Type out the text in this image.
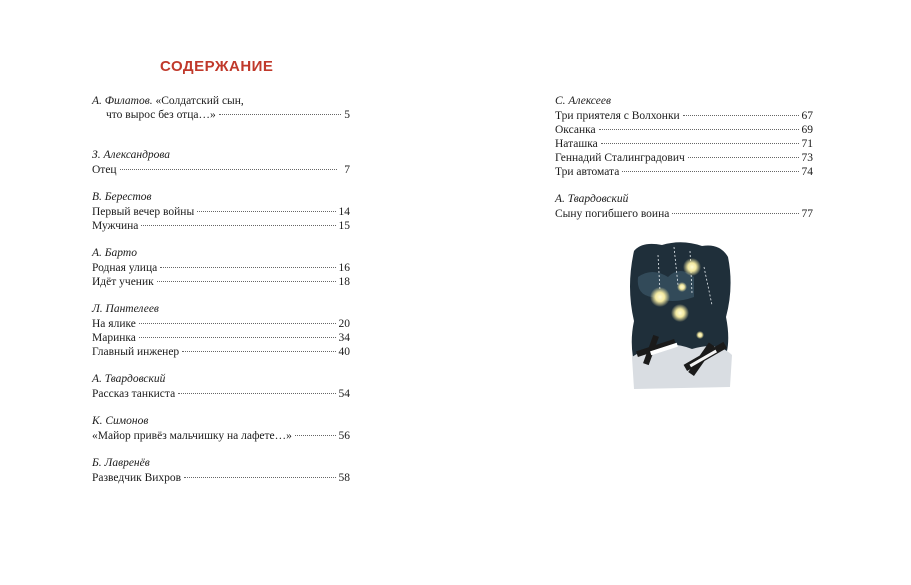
СОДЕРЖАНИЕ
А. Филатов. «Солдатский сын,
что вырос без отца…»	5
З. Александрова
Отец	7
В. Берестов
Первый вечер войны	14
Мужчина	15
А. Барто
Родная улица	16
Идёт ученик	18
Л. Пантелеев
На ялике	20
Маринка	34
Главный инженер	40
А. Твардовский
Рассказ танкиста	54
К. Симонов
«Майор привёз мальчишку на лафете…»	56
Б. Лавренёв
Разведчик Вихров	58
С. Алексеев
Три приятеля с Волхонки	67
Оксанка	69
Наташка	71
Геннадий Сталинградович	73
Три автомата	74
А. Твардовский
Сыну погибшего воина	77
